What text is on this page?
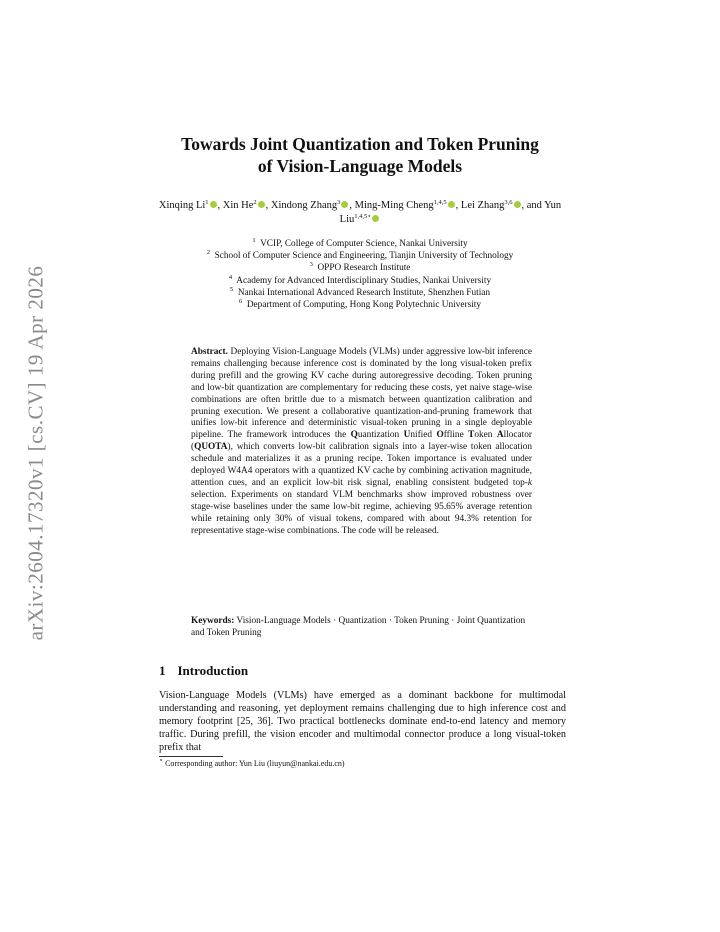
arXiv:2604.17320v1 [cs.CV] 19 Apr 2026
Towards Joint Quantization and Token Pruning
of Vision-Language Models
Xinqing Li$^1$ , Xin He$^2$ , Xindong Zhang$^3$ , Ming-Ming Cheng$^{1,4,5}$ , Lei Zhang$^{3,6}$ , and Yun Liu$^{1,4,5⋆}$
$^1$ VCIP, College of Computer Science, Nankai University
$^2$ School of Computer Science and Engineering, Tianjin University of Technology
$^3$ OPPO Research Institute
$^4$ Academy for Advanced Interdisciplinary Studies, Nankai University
$^5$ Nankai International Advanced Research Institute, Shenzhen Futian
$^6$ Department of Computing, Hong Kong Polytechnic University
Abstract. Deploying Vision-Language Models (VLMs) under aggressive low-bit inference remains challenging because inference cost is dominated by the long visual-token prefix during prefill and the growing KV cache during autoregressive decoding. Token pruning and low-bit quantization are complementary for reducing these costs, yet naive stage-wise combinations are often brittle due to a mismatch between quantization calibration and pruning execution. We present a collaborative quantization-and-pruning framework that unifies low-bit inference and deterministic visual-token pruning in a single deployable pipeline. The framework introduces the Quantization Unified Offline Token Allocator (QUOTA), which converts low-bit calibration signals into a layer-wise token allocation schedule and materializes it as a pruning recipe. Token importance is evaluated under deployed W4A4 operators with a quantized KV cache by combining activation magnitude, attention cues, and an explicit low-bit risk signal, enabling consistent budgeted top-k selection. Experiments on standard VLM benchmarks show improved robustness over stage-wise baselines under the same low-bit regime, achieving 95.65% average retention while retaining only 30% of visual tokens, compared with about 94.3% retention for representative stage-wise combinations. The code will be released.
Keywords: Vision-Language Models · Quantization · Token Pruning · Joint Quantization and Token Pruning
1 Introduction
Vision-Language Models (VLMs) have emerged as a dominant backbone for multimodal understanding and reasoning, yet deployment remains challenging due to high inference cost and memory footprint [25, 36]. Two practical bottlenecks dominate end-to-end latency and memory traffic. During prefill, the vision encoder and multimodal connector produce a long visual-token prefix that
⋆ Corresponding author: Yun Liu (liuyun@nankai.edu.cn)
